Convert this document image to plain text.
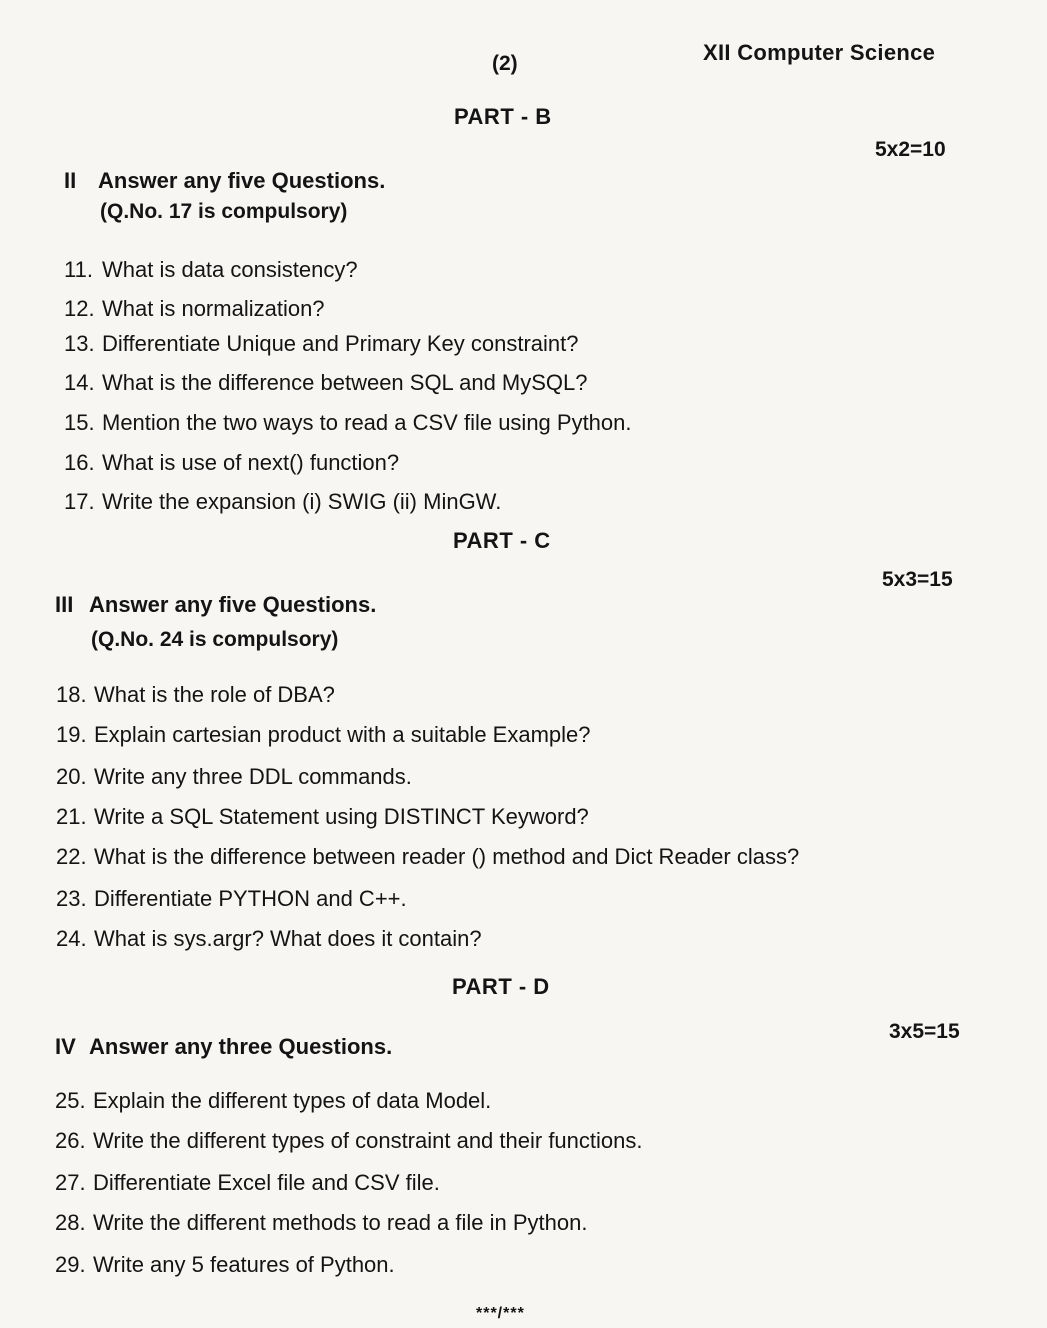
(2)	XII Computer Science
PART - B
5x2=10
II Answer any five Questions.
(Q.No. 17 is compulsory)
11. What is data consistency?
12. What is normalization?
13. Differentiate Unique and Primary Key constraint?
14. What is the difference between SQL and MySQL?
15. Mention the two ways to read a CSV file using Python.
16. What is use of next() function?
17. Write the expansion (i) SWIG (ii) MinGW.
PART - C
5x3=15
III Answer any five Questions.
(Q.No. 24 is compulsory)
18. What is the role of DBA?
19. Explain cartesian product with a suitable Example?
20. Write any three DDL commands.
21. Write a SQL Statement using DISTINCT Keyword?
22. What is the difference between reader () method and Dict Reader class?
23. Differentiate PYTHON and C++.
24. What is sys.argr? What does it contain?
PART - D
3x5=15
IV Answer any three Questions.
25. Explain the different types of data Model.
26. Write the different types of constraint and their functions.
27. Differentiate Excel file and CSV file.
28. Write the different methods to read a file in Python.
29. Write any 5 features of Python.
***/***
